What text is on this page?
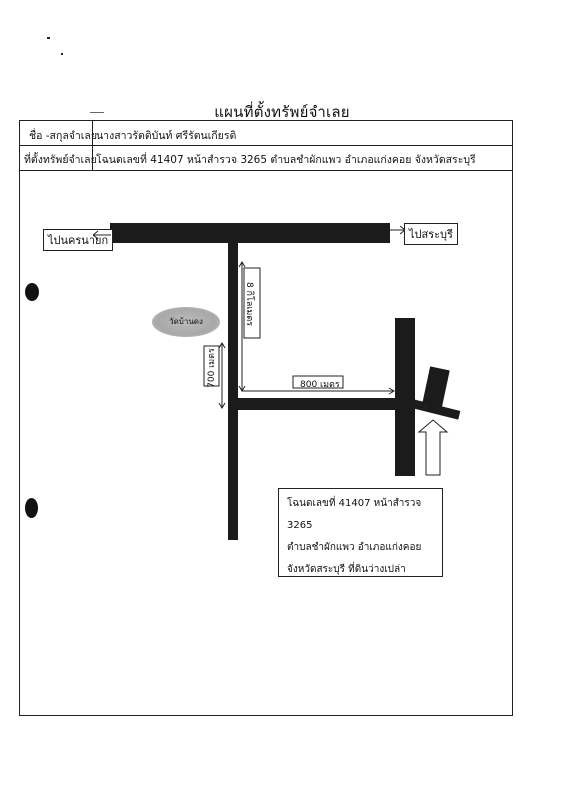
แผนที่ตั้งทรัพย์จำเลย
ชื่อ -สกุลจำเลย นางสาวรัตติบันท์ ศรีรัตนเกียรติ
ที่ตั้งทรัพย์จำเลย โฉนดเลขที่ 41407 หน้าสำรวจ 3265 ตำบลชำผักแพว อำเภอแก่งคอย จังหวัดสระบุรี
ไปนครนายก	ไปสระบุรี
8 กิโลเมตร
800 เมตร
700 เมตร
วัดบ้านดง
โฉนดเลขที่ 41407 หน้าสำรวจ 3265
ตำบลชำผักแพว อำเภอแก่งคอย
จังหวัดสระบุรี ที่ดินว่างเปล่า
